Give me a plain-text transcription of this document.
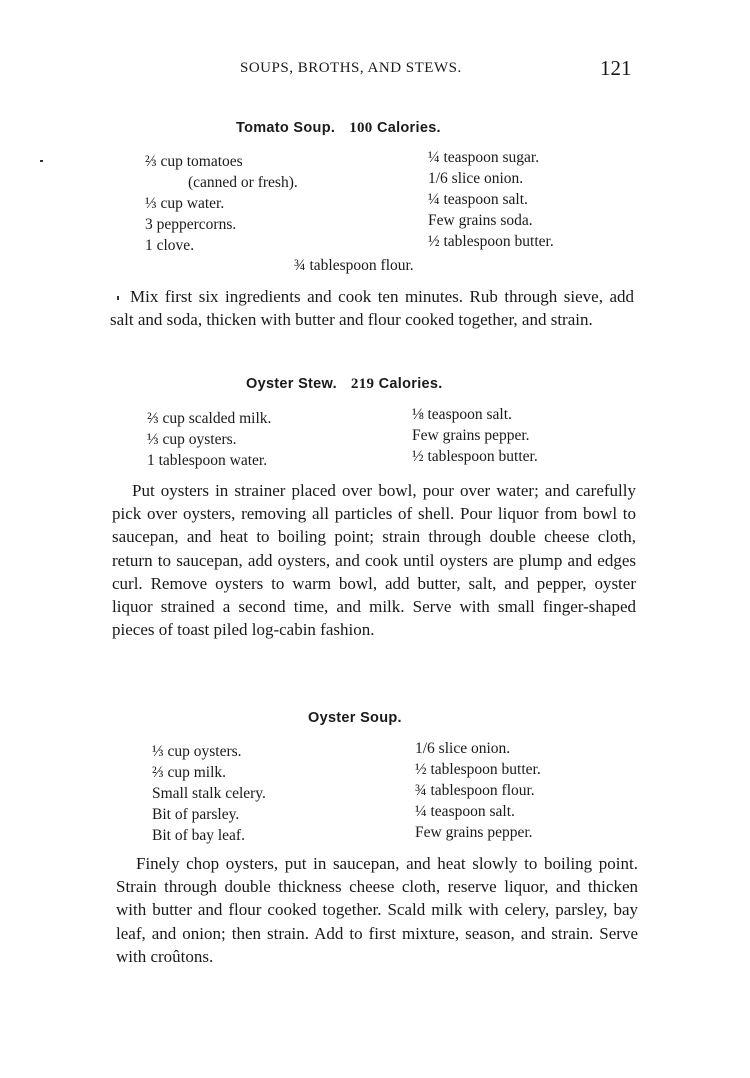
SOUPS, BROTHS, AND STEWS.	121
Tomato Soup. 100 Calories.
⅔ cup tomatoes
(canned or fresh).
⅓ cup water.
3 peppercorns.
1 clove.
¼ teaspoon sugar.
1/6 slice onion.
¼ teaspoon salt.
Few grains soda.
½ tablespoon butter.
¾ tablespoon flour.
Mix first six ingredients and cook ten minutes. Rub through sieve, add salt and soda, thicken with butter and flour cooked together, and strain.
Oyster Stew. 219 Calories.
⅔ cup scalded milk.
⅓ cup oysters.
1 tablespoon water.
⅛ teaspoon salt.
Few grains pepper.
½ tablespoon butter.
Put oysters in strainer placed over bowl, pour over water; and carefully pick over oysters, removing all particles of shell. Pour liquor from bowl to saucepan, and heat to boiling point; strain through double cheese cloth, return to saucepan, add oysters, and cook until oysters are plump and edges curl. Remove oysters to warm bowl, add butter, salt, and pepper, oyster liquor strained a second time, and milk. Serve with small finger-shaped pieces of toast piled log-cabin fashion.
Oyster Soup.
⅓ cup oysters.
⅔ cup milk.
Small stalk celery.
Bit of parsley.
Bit of bay leaf.
1/6 slice onion.
½ tablespoon butter.
¾ tablespoon flour.
¼ teaspoon salt.
Few grains pepper.
Finely chop oysters, put in saucepan, and heat slowly to boiling point. Strain through double thickness cheese cloth, reserve liquor, and thicken with butter and flour cooked together. Scald milk with celery, parsley, bay leaf, and onion; then strain. Add to first mixture, season, and strain. Serve with croûtons.
